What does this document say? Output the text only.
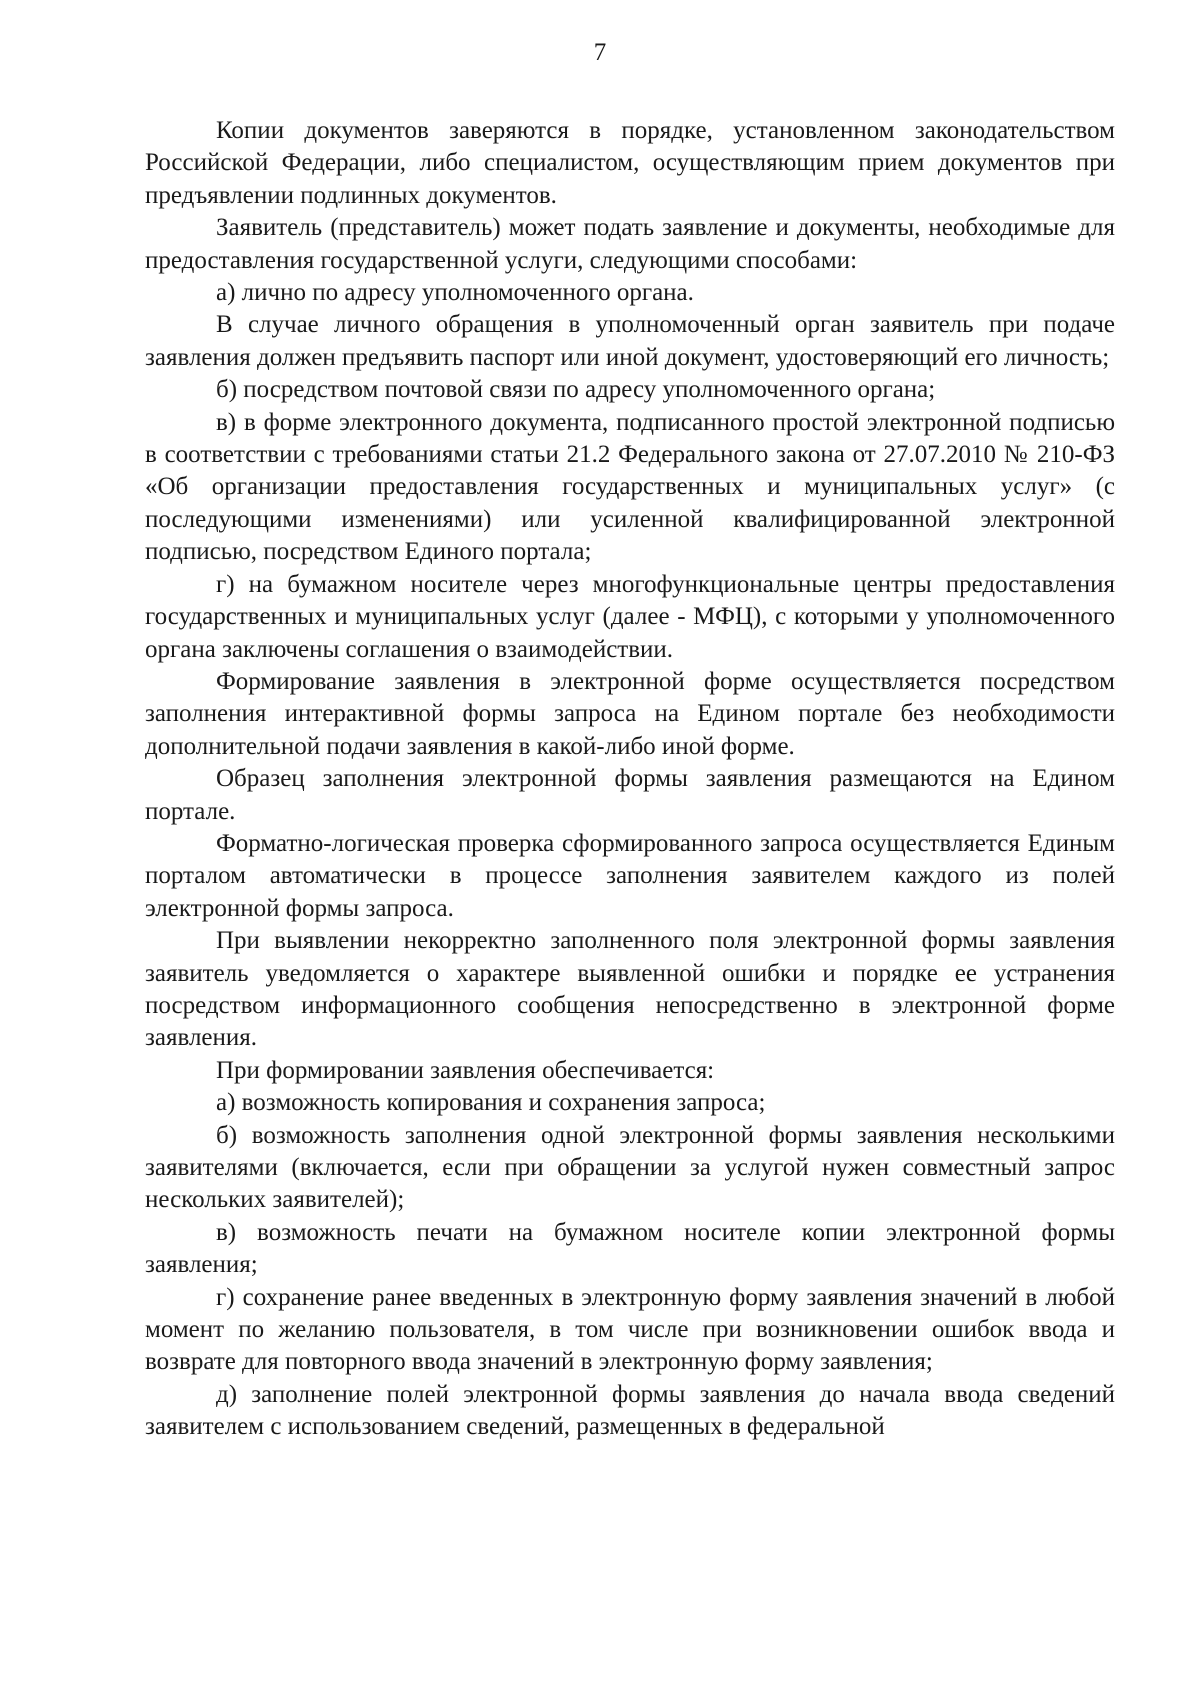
7

Копии документов заверяются в порядке, установленном законодательством Российской Федерации, либо специалистом, осуществляющим прием документов при предъявлении подлинных документов.

Заявитель (представитель) может подать заявление и документы, необходимые для предоставления государственной услуги, следующими способами:

а) лично по адресу уполномоченного органа.

В случае личного обращения в уполномоченный орган заявитель при подаче заявления должен предъявить паспорт или иной документ, удостоверяющий его личность;

б) посредством почтовой связи по адресу уполномоченного органа;

в) в форме электронного документа, подписанного простой электронной подписью в соответствии с требованиями статьи 21.2 Федерального закона от 27.07.2010 № 210-ФЗ «Об организации предоставления государственных и муниципальных услуг» (с последующими изменениями) или усиленной квалифицированной электронной подписью, посредством Единого портала;

г) на бумажном носителе через многофункциональные центры предоставления государственных и муниципальных услуг (далее - МФЦ), с которыми у уполномоченного органа заключены соглашения о взаимодействии.

Формирование заявления в электронной форме осуществляется посредством заполнения интерактивной формы запроса на Едином портале без необходимости дополнительной подачи заявления в какой-либо иной форме.

Образец заполнения электронной формы заявления размещаются на Едином портале.

Форматно-логическая проверка сформированного запроса осуществляется Единым порталом автоматически в процессе заполнения заявителем каждого из полей электронной формы запроса.

При выявлении некорректно заполненного поля электронной формы заявления заявитель уведомляется о характере выявленной ошибки и порядке ее устранения посредством информационного сообщения непосредственно в электронной форме заявления.

При формировании заявления обеспечивается:

а) возможность копирования и сохранения запроса;

б) возможность заполнения одной электронной формы заявления несколькими заявителями (включается, если при обращении за услугой нужен совместный запрос нескольких заявителей);

в) возможность печати на бумажном носителе копии электронной формы заявления;

г) сохранение ранее введенных в электронную форму заявления значений в любой момент по желанию пользователя, в том числе при возникновении ошибок ввода и возврате для повторного ввода значений в электронную форму заявления;

д) заполнение полей электронной формы заявления до начала ввода сведений заявителем с использованием сведений, размещенных в федеральной
